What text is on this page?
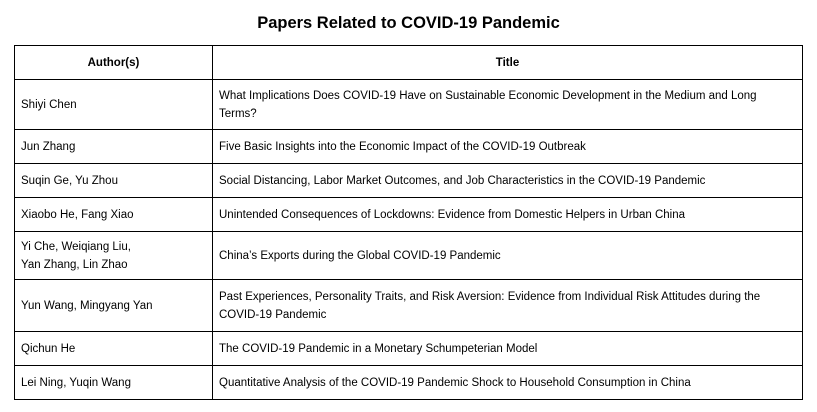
Papers Related to COVID-19 Pandemic
Author(s)	Title
Shiyi Chen	What Implications Does COVID-19 Have on Sustainable Economic Development in the Medium and Long Terms?
Jun Zhang	Five Basic Insights into the Economic Impact of the COVID-19 Outbreak
Suqin Ge, Yu Zhou	Social Distancing, Labor Market Outcomes, and Job Characteristics in the COVID-19 Pandemic
Xiaobo He, Fang Xiao	Unintended Consequences of Lockdowns: Evidence from Domestic Helpers in Urban China
Yi Che, Weiqiang Liu,
Yan Zhang, Lin Zhao	China’s Exports during the Global COVID-19 Pandemic
Yun Wang, Mingyang Yan	Past Experiences, Personality Traits, and Risk Aversion: Evidence from Individual Risk Attitudes during the COVID-19 Pandemic
Qichun He	The COVID-19 Pandemic in a Monetary Schumpeterian Model
Lei Ning, Yuqin Wang	Quantitative Analysis of the COVID-19 Pandemic Shock to Household Consumption in China
